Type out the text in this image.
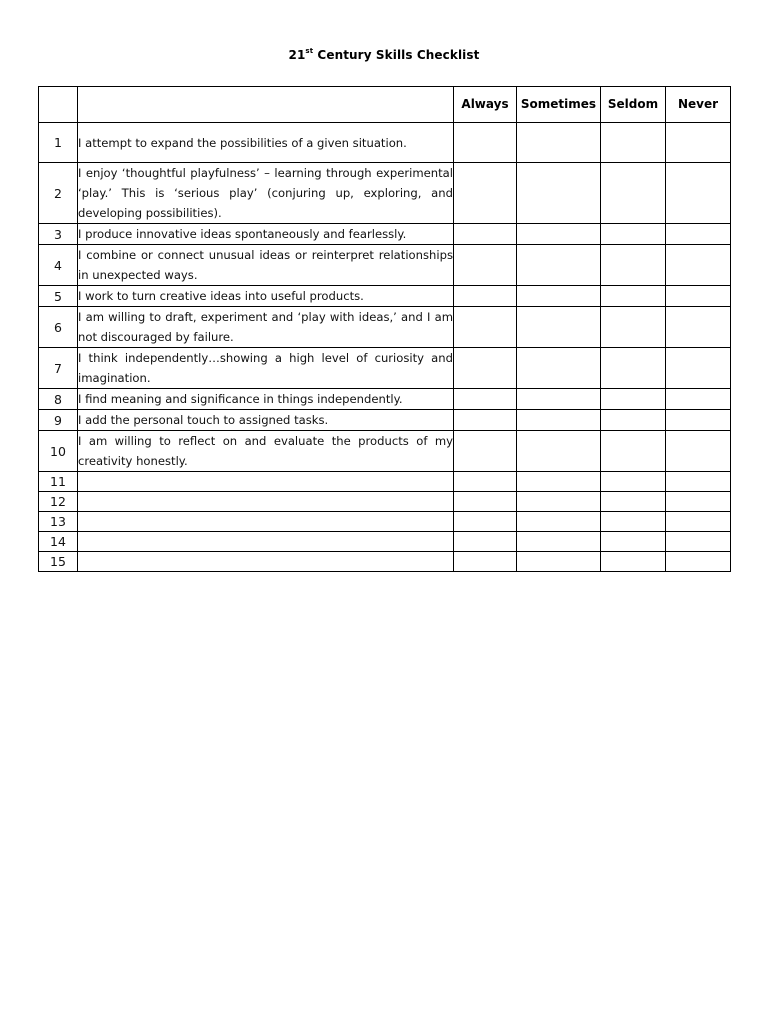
21st Century Skills Checklist
		Always	Sometimes	Seldom	Never
1	I attempt to expand the possibilities of a given situation.				
2	I enjoy ‘thoughtful playfulness’ – learning through experimental ‘play.’ This is ‘serious play’ (conjuring up, exploring, and developing possibilities).				
3	I produce innovative ideas spontaneously and fearlessly.				
4	I combine or connect unusual ideas or reinterpret relationships in unexpected ways.				
5	I work to turn creative ideas into useful products.				
6	I am willing to draft, experiment and ‘play with ideas,’ and I am not discouraged by failure.				
7	I think independently…showing a high level of curiosity and imagination.				
8	I find meaning and significance in things independently.				
9	I add the personal touch to assigned tasks.				
10	I am willing to reflect on and evaluate the products of my creativity honestly.				
11					
12					
13					
14					
15					
